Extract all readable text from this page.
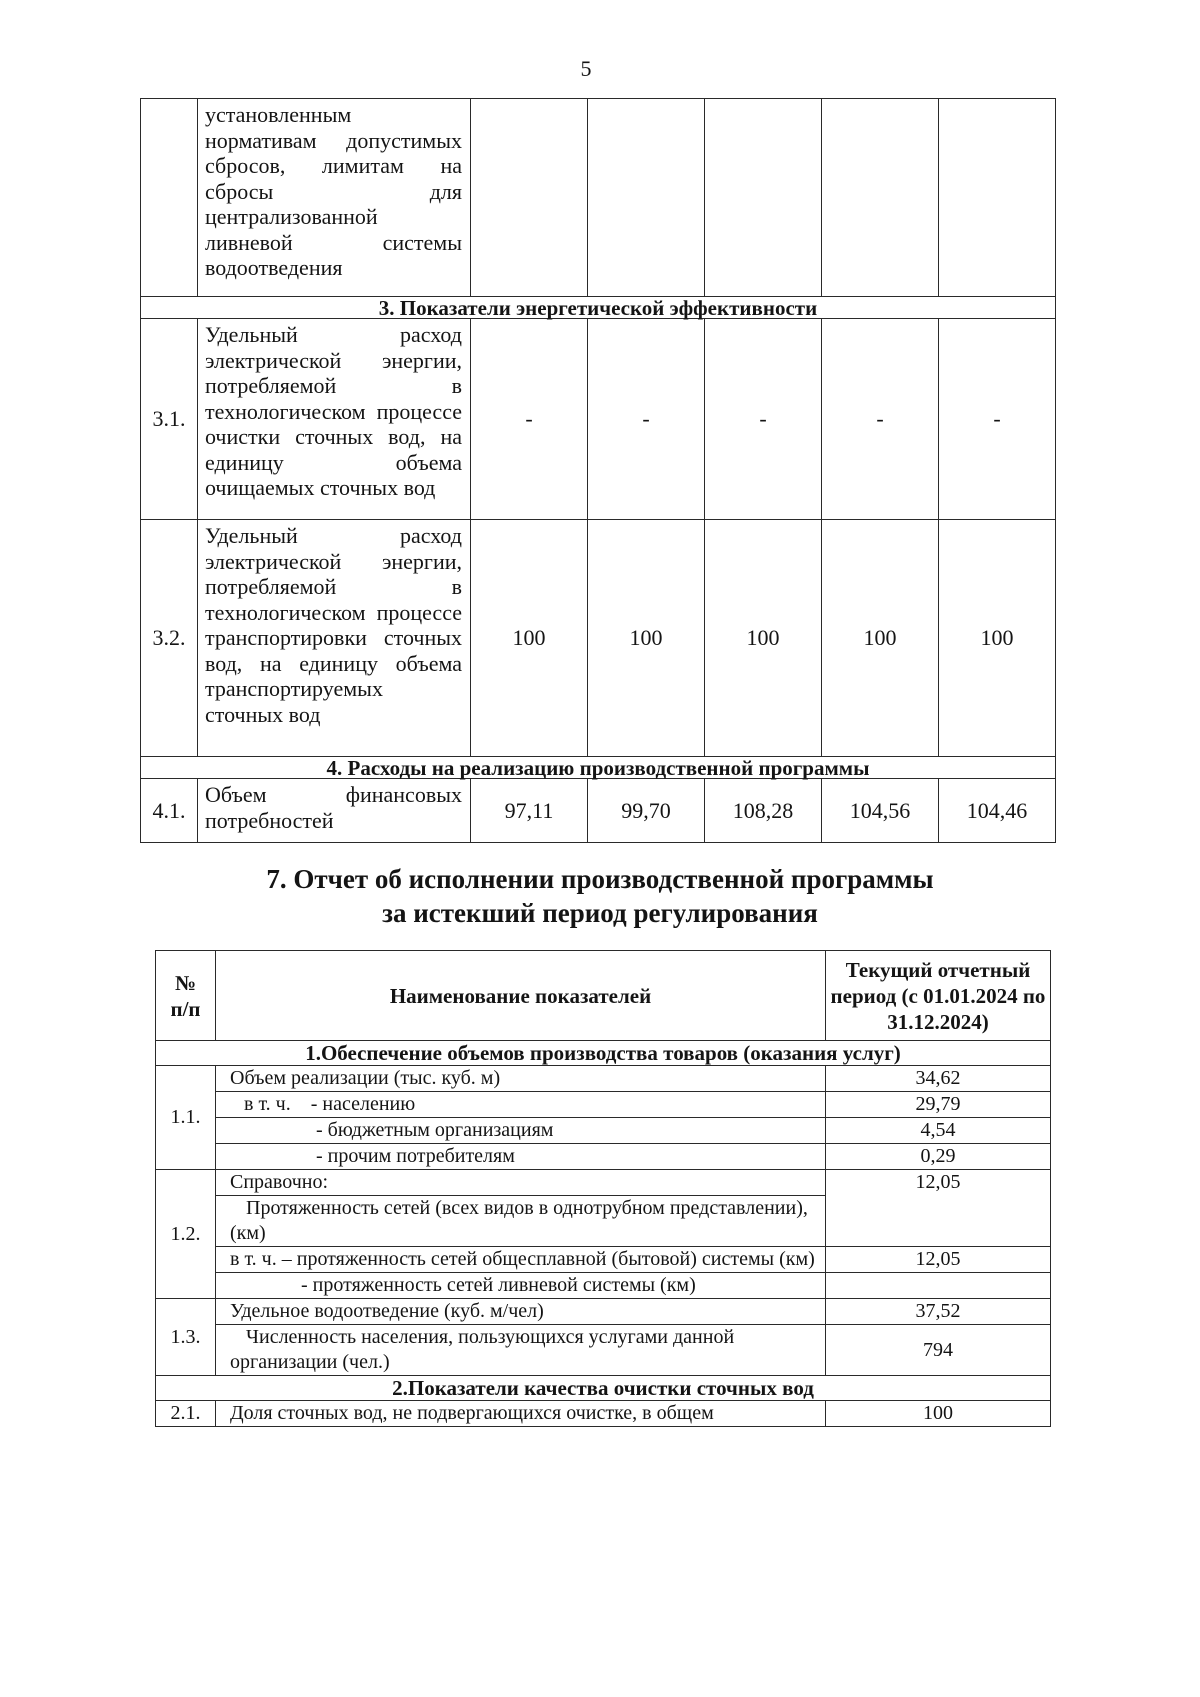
5
	установленным нормативам допустимых сбросов, лимитам на сбросы для централизованной ливневой системы водоотведения					
3. Показатели энергетической эффективности						
3.1.	Удельный расход электрической энергии, потребляемой в технологическом процессе очистки сточных вод, на единицу объема очищаемых сточных вод	-	-	-	-	-
3.2.	Удельный расход электрической энергии, потребляемой в технологическом процессе транспортировки сточных вод, на единицу объема транспортируемых сточных вод	100	100	100	100	100
4. Расходы на реализацию производственной программы						
4.1.	Объем финансовых потребностей	97,11	99,70	108,28	104,56	104,46
7. Отчет об исполнении производственной программы
за истекший период регулирования
№
п/п	Наименование показателей	Текущий отчетный период (с 01.01.2024 по 31.12.2024)
1.Обеспечение объемов производства товаров (оказания услуг)		
1.1.	Объем реализации (тыс. куб. м)	34,62
	в т. ч.    - населению	29,79
	- бюджетным организациям	4,54
	- прочим потребителям	0,29
1.2.	Справочно:	12,05

	Протяженность сетей (всех видов в однотрубном представлении), (км)	

	в т. ч. – протяженность сетей общесплавной (бытовой) системы (км)	12,05
	- протяженность сетей ливневой системы (км)	
1.3.	Удельное водоотведение (куб. м/чел)	37,52

	Численность населения, пользующихся услугами данной организации (чел.)	794
2.Показатели качества очистки сточных вод		
2.1.	Доля сточных вод, не подвергающихся очистке, в общем	100
